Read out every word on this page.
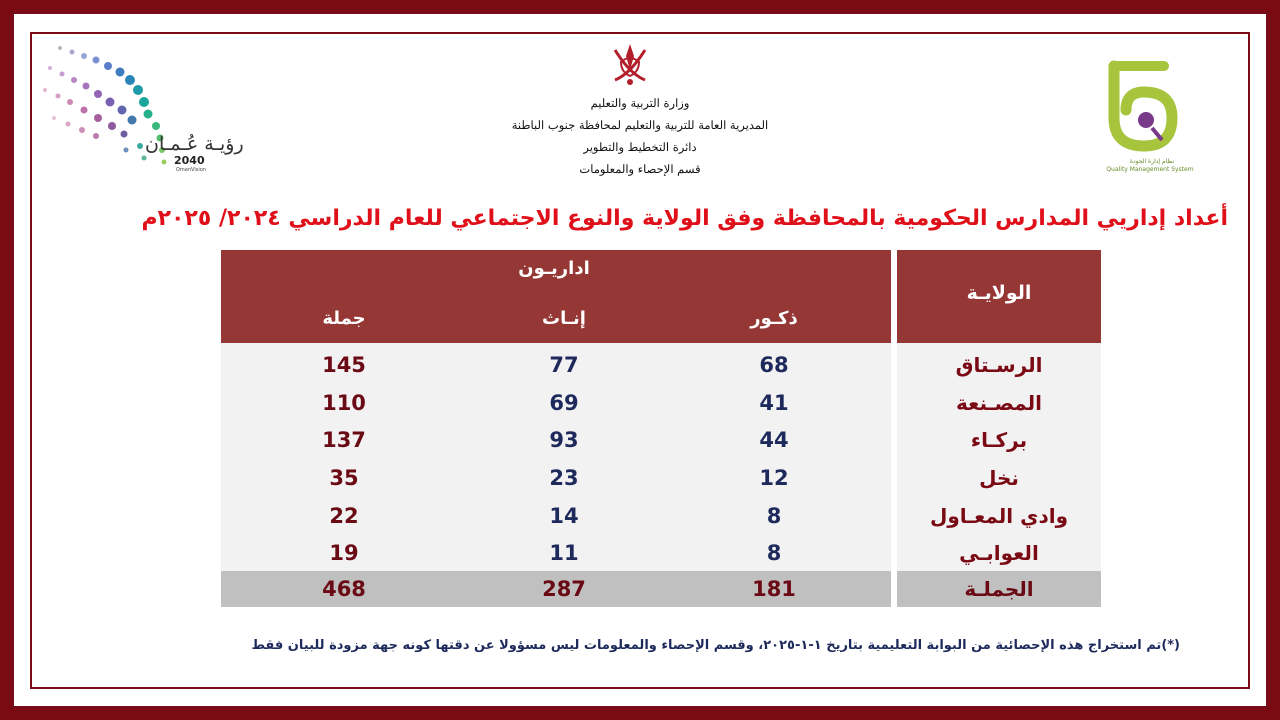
رؤيـة عُـمـان
2040
OmanVision
وزارة التربية والتعليم
المديرية العامة للتربية والتعليم لمحافظة جنوب الباطنة
دائرة التخطيط والتطوير
قسم الإحصاء والمعلومات
نظام إدارة الجودة
Quality Management System
أعداد إداريي المدارس الحكومية بالمحافظة وفق الولاية والنوع الاجتماعي للعام الدراسي ٢٠٢٤/ ٢٠٢٥م
اداريـون
الولايـة
ذكـور
إنـاث
جملة
145	77	68	الرسـتاق
110	69	41	المصـنعة
137	93	44	بركـاء
35	23	12	نخل
22	14	8	وادي المعـاول
19	11	8	العوابـي
468	287	181	الجملـة
(*)تم استخراج هذه الإحصائية من البوابة التعليمية بتاريخ ١-١-٢٠٢٥، وقسم الإحصاء والمعلومات ليس مسؤولا عن دقتها كونه جهة مزودة للبيان فقط
